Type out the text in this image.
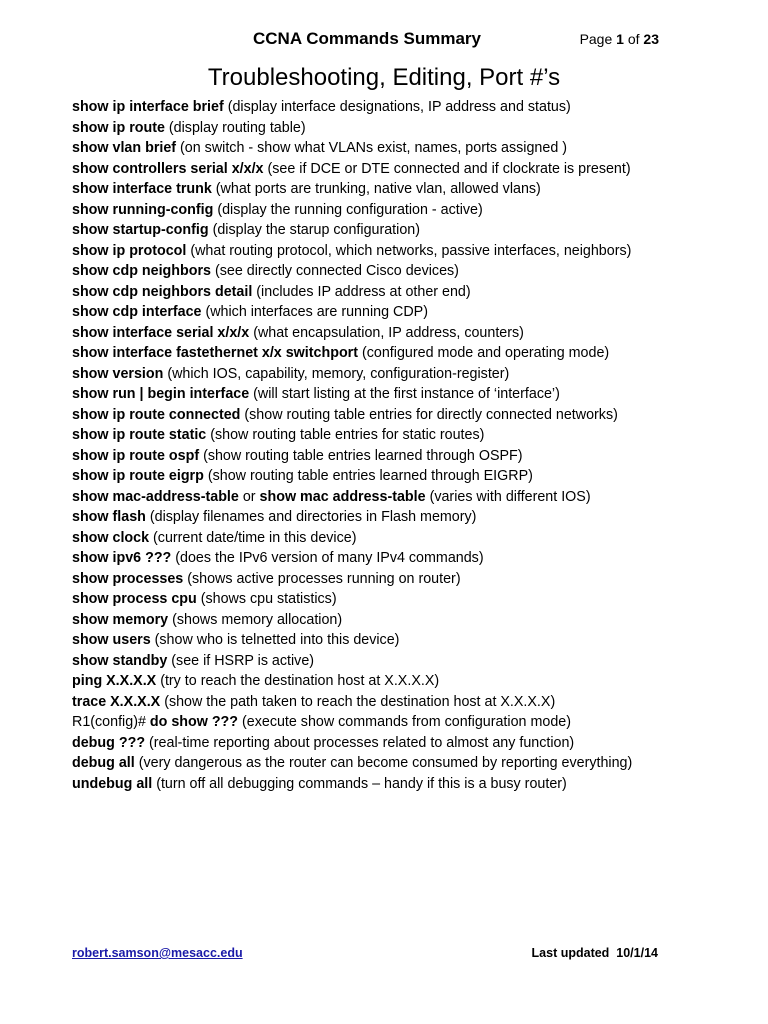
CCNA Commands Summary	Page 1 of 23
Troubleshooting, Editing, Port #’s
show ip interface brief (display interface designations, IP address and status)
show ip route (display routing table)
show vlan brief (on switch - show what VLANs exist, names, ports assigned )
show controllers serial x/x/x (see if DCE or DTE connected and if clockrate is present)
show interface trunk (what ports are trunking, native vlan, allowed vlans)
show running-config (display the running configuration - active)
show startup-config (display the starup configuration)
show ip protocol (what routing protocol, which networks, passive interfaces, neighbors)
show cdp neighbors (see directly connected Cisco devices)
show cdp neighbors detail (includes IP address at other end)
show cdp interface (which interfaces are running CDP)
show interface serial x/x/x (what encapsulation, IP address, counters)
show interface fastethernet x/x switchport (configured mode and operating mode)
show version (which IOS, capability, memory, configuration-register)
show run | begin interface (will start listing at the first instance of ‘interface’)
show ip route connected (show routing table entries for directly connected networks)
show ip route static (show routing table entries for static routes)
show ip route ospf (show routing table entries learned through OSPF)
show ip route eigrp (show routing table entries learned through EIGRP)
show mac-address-table or show mac address-table (varies with different IOS)
show flash (display filenames and directories in Flash memory)
show clock (current date/time in this device)
show ipv6 ??? (does the IPv6 version of many IPv4 commands)
show processes (shows active processes running on router)
show process cpu (shows cpu statistics)
show memory (shows memory allocation)
show users (show who is telnetted into this device)
show standby (see if HSRP is active)
ping X.X.X.X (try to reach the destination host at X.X.X.X)
trace X.X.X.X (show the path taken to reach the destination host at X.X.X.X)
R1(config)# do show ??? (execute show commands from configuration mode)
debug ??? (real-time reporting about processes related to almost any function)
debug all (very dangerous as the router can become consumed by reporting everything)
undebug all (turn off all debugging commands – handy if this is a busy router)
robert.samson@mesacc.edu	Last updated 10/1/14
